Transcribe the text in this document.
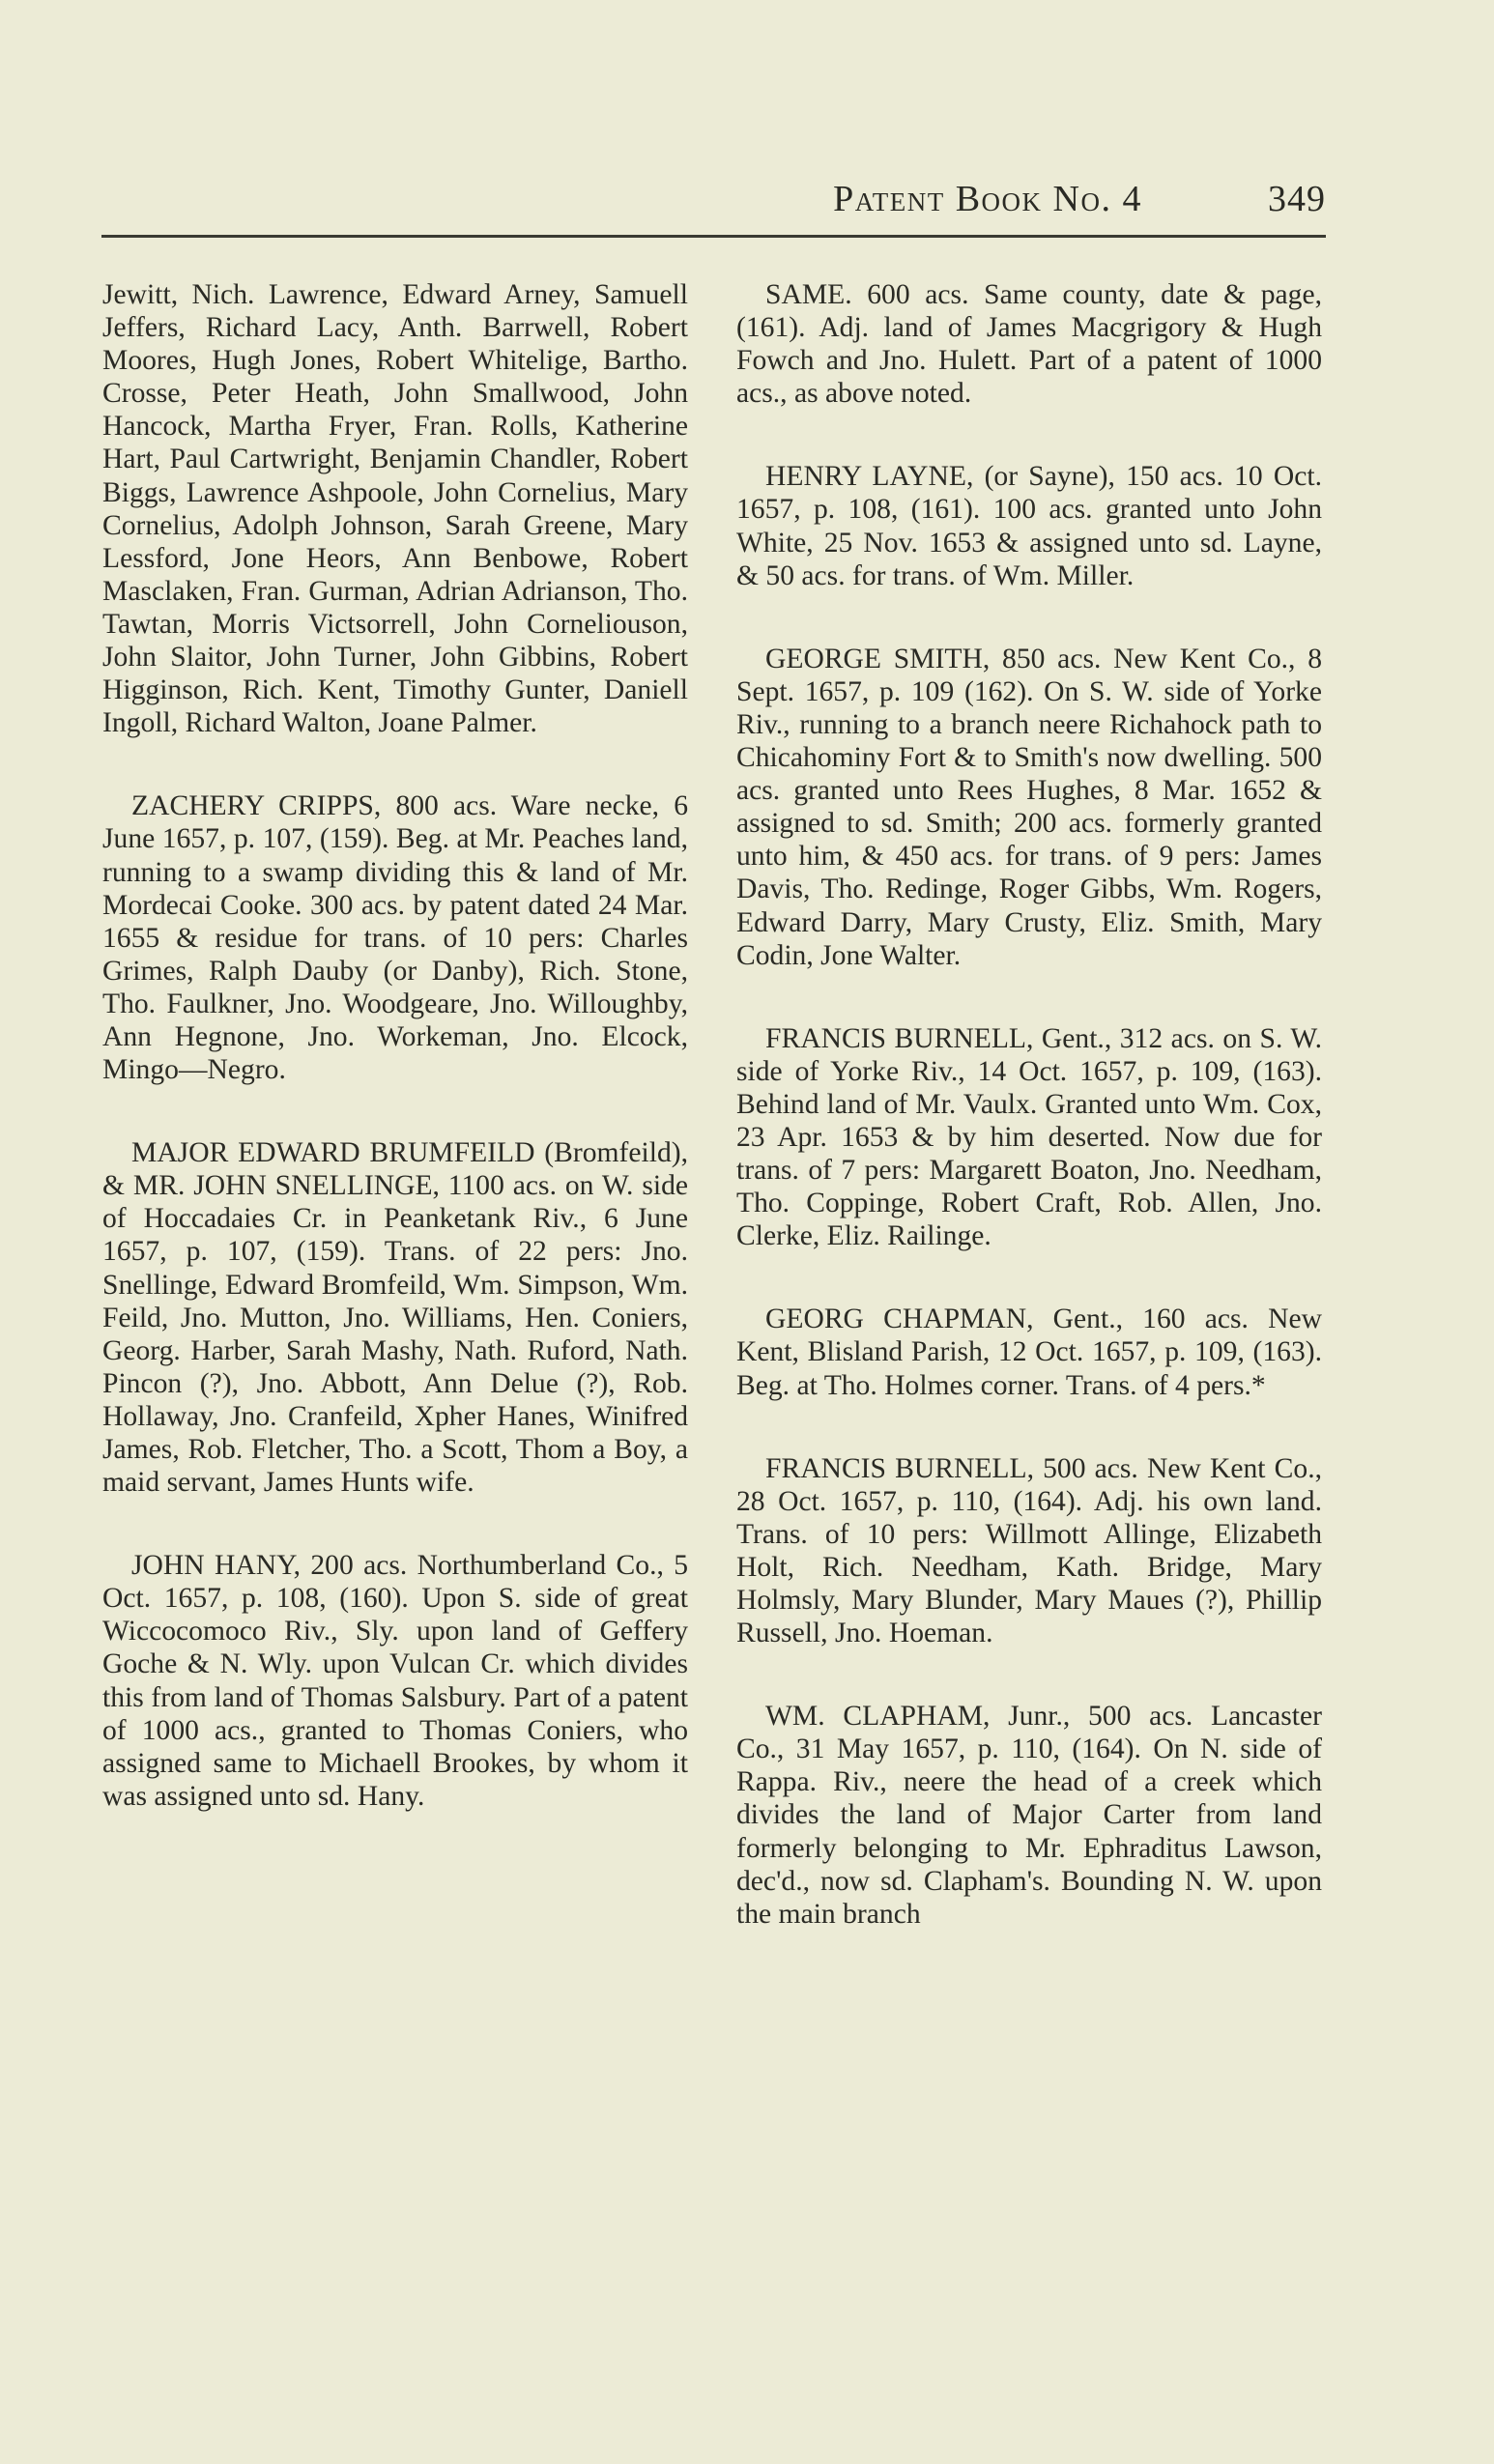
Patent Book No. 4	349

Jewitt, Nich. Lawrence, Edward Arney, Samuell Jeffers, Richard Lacy, Anth. Barrwell, Robert Moores, Hugh Jones, Robert Whitelige, Bartho. Crosse, Peter Heath, John Smallwood, John Hancock, Martha Fryer, Fran. Rolls, Katherine Hart, Paul Cartwright, Benjamin Chandler, Robert Biggs, Lawrence Ashpoole, John Cornelius, Mary Cornelius, Adolph Johnson, Sarah Greene, Mary Lessford, Jone Heors, Ann Benbowe, Robert Masclaken, Fran. Gurman, Adrian Adrianson, Tho. Tawtan, Morris Victsorrell, John Corneliouson, John Slaitor, John Turner, John Gibbins, Robert Higginson, Rich. Kent, Timothy Gunter, Daniell Ingoll, Richard Walton, Joane Palmer.

ZACHERY CRIPPS, 800 acs. Ware necke, 6 June 1657, p. 107, (159). Beg. at Mr. Peaches land, running to a swamp dividing this & land of Mr. Mordecai Cooke. 300 acs. by patent dated 24 Mar. 1655 & residue for trans. of 10 pers: Charles Grimes, Ralph Dauby (or Danby), Rich. Stone, Tho. Faulkner, Jno. Woodgeare, Jno. Willoughby, Ann Hegnone, Jno. Workeman, Jno. Elcock, Mingo—Negro.

MAJOR EDWARD BRUMFEILD (Bromfeild), & MR. JOHN SNELLINGE, 1100 acs. on W. side of Hoccadaies Cr. in Peanketank Riv., 6 June 1657, p. 107, (159). Trans. of 22 pers: Jno. Snellinge, Edward Bromfeild, Wm. Simpson, Wm. Feild, Jno. Mutton, Jno. Williams, Hen. Coniers, Georg. Harber, Sarah Mashy, Nath. Ruford, Nath. Pincon (?), Jno. Abbott, Ann Delue (?), Rob. Hollaway, Jno. Cranfeild, Xpher Hanes, Winifred James, Rob. Fletcher, Tho. a Scott, Thom a Boy, a maid servant, James Hunts wife.

JOHN HANY, 200 acs. Northumberland Co., 5 Oct. 1657, p. 108, (160). Upon S. side of great Wiccocomoco Riv., Sly. upon land of Geffery Goche & N. Wly. upon Vulcan Cr. which divides this from land of Thomas Salsbury. Part of a patent of 1000 acs., granted to Thomas Coniers, who assigned same to Michaell Brookes, by whom it was assigned unto sd. Hany.

SAME. 600 acs. Same county, date & page, (161). Adj. land of James Macgrigory & Hugh Fowch and Jno. Hulett. Part of a patent of 1000 acs., as above noted.

HENRY LAYNE, (or Sayne), 150 acs. 10 Oct. 1657, p. 108, (161). 100 acs. granted unto John White, 25 Nov. 1653 & assigned unto sd. Layne, & 50 acs. for trans. of Wm. Miller.

GEORGE SMITH, 850 acs. New Kent Co., 8 Sept. 1657, p. 109 (162). On S. W. side of Yorke Riv., running to a branch neere Richahock path to Chicahominy Fort & to Smith's now dwelling. 500 acs. granted unto Rees Hughes, 8 Mar. 1652 & assigned to sd. Smith; 200 acs. formerly granted unto him, & 450 acs. for trans. of 9 pers: James Davis, Tho. Redinge, Roger Gibbs, Wm. Rogers, Edward Darry, Mary Crusty, Eliz. Smith, Mary Codin, Jone Walter.

FRANCIS BURNELL, Gent., 312 acs. on S. W. side of Yorke Riv., 14 Oct. 1657, p. 109, (163). Behind land of Mr. Vaulx. Granted unto Wm. Cox, 23 Apr. 1653 & by him deserted. Now due for trans. of 7 pers: Margarett Boaton, Jno. Needham, Tho. Coppinge, Robert Craft, Rob. Allen, Jno. Clerke, Eliz. Railinge.

GEORG CHAPMAN, Gent., 160 acs. New Kent, Blisland Parish, 12 Oct. 1657, p. 109, (163). Beg. at Tho. Holmes corner. Trans. of 4 pers.*

FRANCIS BURNELL, 500 acs. New Kent Co., 28 Oct. 1657, p. 110, (164). Adj. his own land. Trans. of 10 pers: Willmott Allinge, Elizabeth Holt, Rich. Needham, Kath. Bridge, Mary Holmsly, Mary Blunder, Mary Maues (?), Phillip Russell, Jno. Hoeman.

WM. CLAPHAM, Junr., 500 acs. Lancaster Co., 31 May 1657, p. 110, (164). On N. side of Rappa. Riv., neere the head of a creek which divides the land of Major Carter from land formerly belonging to Mr. Ephraditus Lawson, dec'd., now sd. Clapham's. Bounding N. W. upon the main branch
